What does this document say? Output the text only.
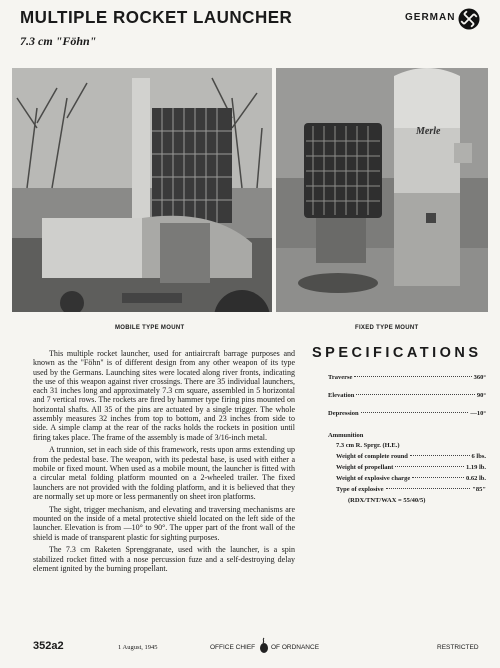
MULTIPLE ROCKET LAUNCHER
7.3 cm "Föhn"
GERMAN
Merle
MOBILE TYPE MOUNT	FIXED TYPE MOUNT

This multiple rocket launcher, used for antiaircraft barrage purposes and known as the "Föhn" is of different design from any other weapon of its type used by the Germans. Launching sites were located along river fronts, indicating the use of this weapon against river crossings. There are 35 individual launchers, each 31 inches long and approximately 7.3 cm square, assembled in 5 horizontal and 7 vertical rows. The rockets are fired by hammer type firing pins mounted on horizontal shafts. All 35 of the pins are actuated by a single trigger. The whole assembly measures 32 inches from top to bottom, and 23 inches from side to side. A simple clamp at the rear of the racks holds the rockets in position until firing takes place. The frame of the assembly is made of 3/16-inch metal.

A trunnion, set in each side of this framework, rests upon arms extending up from the pedestal base. The weapon, with its pedestal base, is used with either a mobile or fixed mount. When used as a mobile mount, the launcher is fitted with a circular metal folding platform mounted on a 2-wheeled trailer. The fixed launchers are not provided with the folding platform, and it is believed that they are normally set up more or less permanently on sheet iron platforms.

The sight, trigger mechanism, and elevating and traversing mechanisms are mounted on the inside of a metal protective shield located on the left side of the launcher. Elevation is from —10° to 90°. The upper part of the front wall of the shield is made of transparent plastic for sighting purposes.

The 7.3 cm Raketen Sprenggranate, used with the launcher, is a spin stabilized rocket fitted with a nose percussion fuze and a self-destroying delay element ignited by the burning propellant.

SPECIFICATIONS
Traverse	360°
Elevation	90°
Depression	—10°
Ammunition
7.3 cm R. Sprgr. (H.E.)
Weight of complete round	6 lbs.
Weight of propellant	1.19 lb.
Weight of explosive charge	0.62 lb.
Type of explosive	"85"
(RDX/TNT/WAX = 55/40/5)
352a2	1 August, 1945	OFFICE CHIEF OF ORDNANCE	RESTRICTED
